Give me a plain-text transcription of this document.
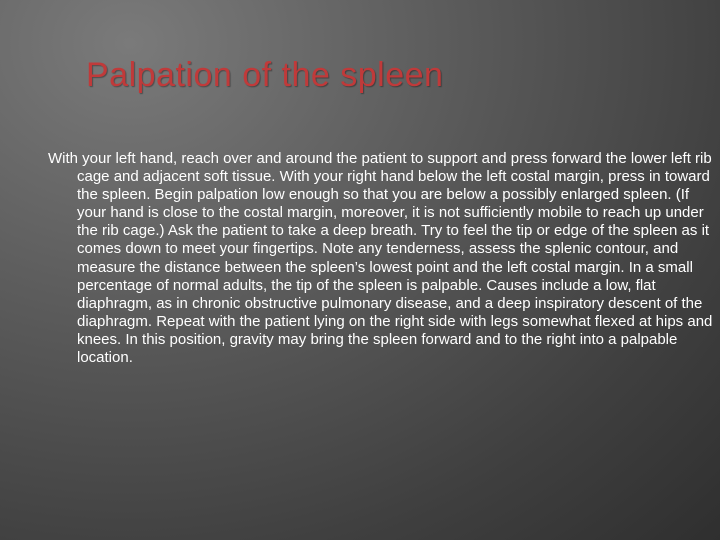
Palpation of the spleen

With your left hand, reach over and around the patient to support and press forward the lower left rib cage and adjacent soft tissue. With your right hand below the left costal margin, press in toward the spleen. Begin palpation low enough so that you are below a possibly enlarged spleen. (If your hand is close to the costal margin, moreover, it is not sufficiently mobile to reach up under the rib cage.) Ask the patient to take a deep breath. Try to feel the tip or edge of the spleen as it comes down to meet your fingertips. Note any tenderness, assess the splenic contour, and measure the distance between the spleen’s lowest point and the left costal margin. In a small percentage of normal adults, the tip of the spleen is palpable. Causes include a low, flat diaphragm, as in chronic obstructive pulmonary disease, and a deep inspiratory descent of the diaphragm. Repeat with the patient lying on the right side with legs somewhat flexed at hips and knees. In this position, gravity may bring the spleen forward and to the right into a palpable location.
